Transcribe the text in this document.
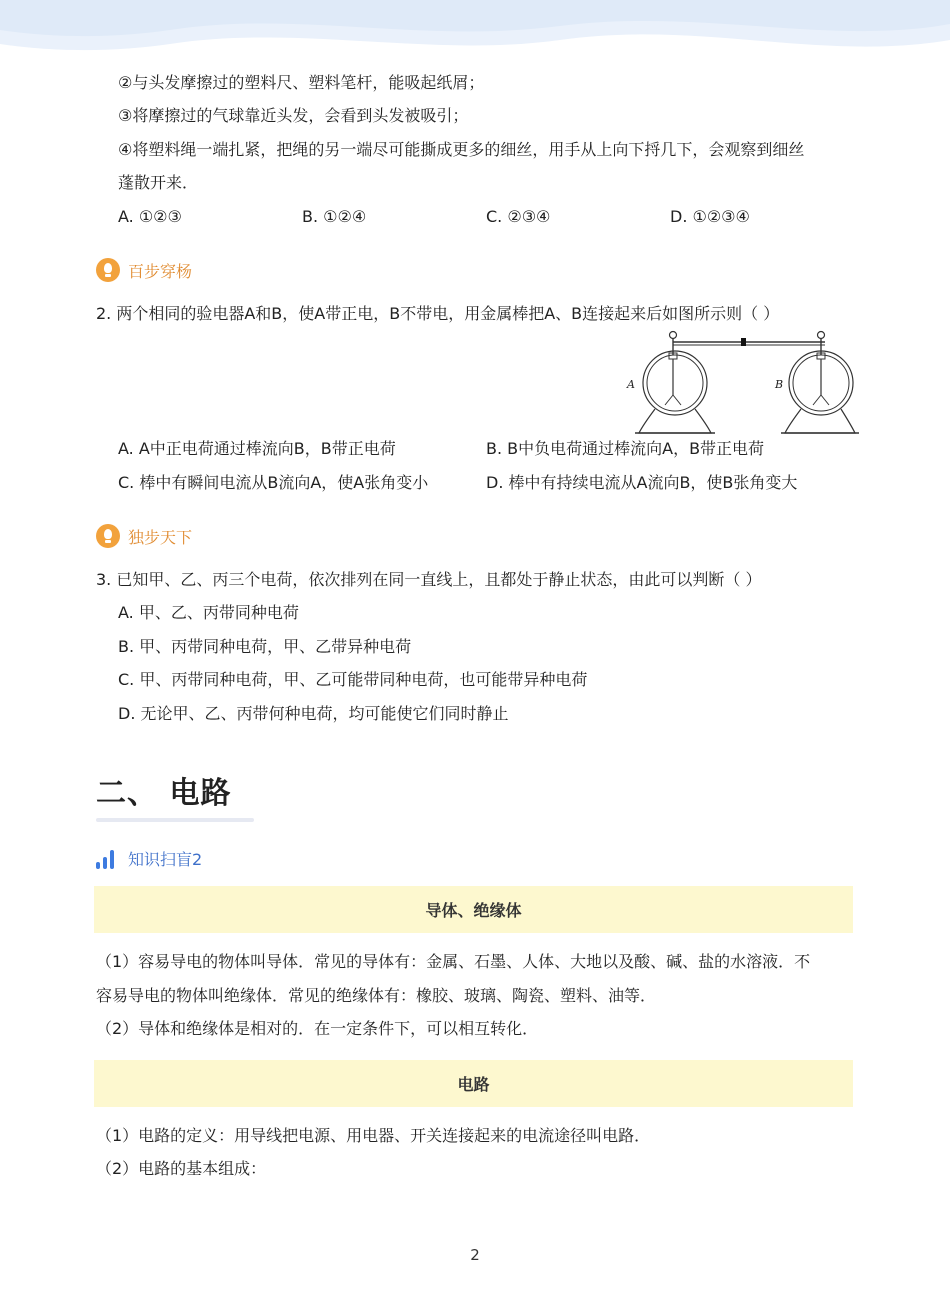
②与头发摩擦过的塑料尺、塑料笔杆，能吸起纸屑；
③将摩擦过的气球靠近头发，会看到头发被吸引；
④将塑料绳一端扎紧，把绳的另一端尽可能撕成更多的细丝，用手从上向下捋几下，会观察到细丝
蓬散开来．
A. ①②③	B. ①②④	C. ②③④	D. ①②③④
百步穿杨
2. 两个相同的验电器A和B，使A带正电，B不带电，用金属棒把A、B连接起来后如图所示则（ ）
A	B
A. A中正电荷通过棒流向B，B带正电荷	B. B中负电荷通过棒流向A，B带正电荷
C. 棒中有瞬间电流从B流向A，使A张角变小	D. 棒中有持续电流从A流向B，使B张角变大
独步天下
3. 已知甲、乙、丙三个电荷，依次排列在同一直线上，且都处于静止状态，由此可以判断（ ）
A. 甲、乙、丙带同种电荷
B. 甲、丙带同种电荷，甲、乙带异种电荷
C. 甲、丙带同种电荷，甲、乙可能带同种电荷，也可能带异种电荷
D. 无论甲、乙、丙带何种电荷，均可能使它们同时静止
二、 电路
知识扫盲2
导体、绝缘体
（1）容易导电的物体叫导体．常见的导体有：金属、石墨、人体、大地以及酸、碱、盐的水溶液．不
容易导电的物体叫绝缘体．常见的绝缘体有：橡胶、玻璃、陶瓷、塑料、油等．
（2）导体和绝缘体是相对的．在一定条件下，可以相互转化．
电路
（1）电路的定义：用导线把电源、用电器、开关连接起来的电流途径叫电路．
（2）电路的基本组成：
2
